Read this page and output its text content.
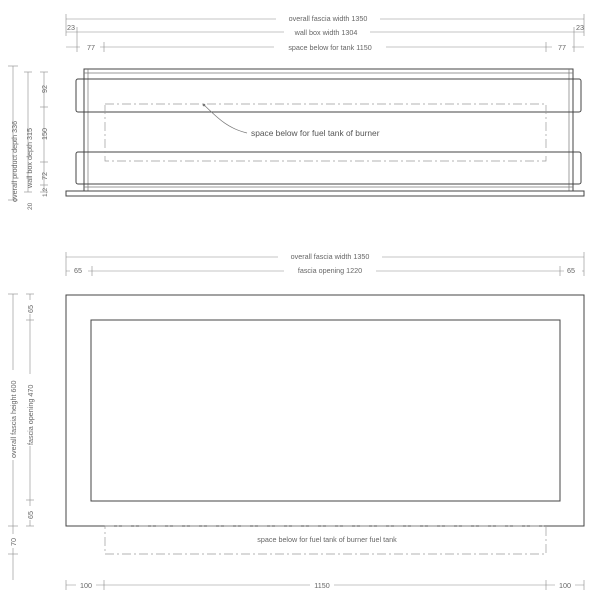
overall fascia width 1350
23	23
wall box width 1304
77	77
space below for tank 1150
overall product depth 336 wall box depth 315
92
150
72
1.2
20
space below for fuel tank of burner
overall fascia width 1350
65	65
fascia opening 1220
overall fascia height 600
70
fascia opening 470
65
65
space below for fuel tank of burner fuel tank
100	1150	100
